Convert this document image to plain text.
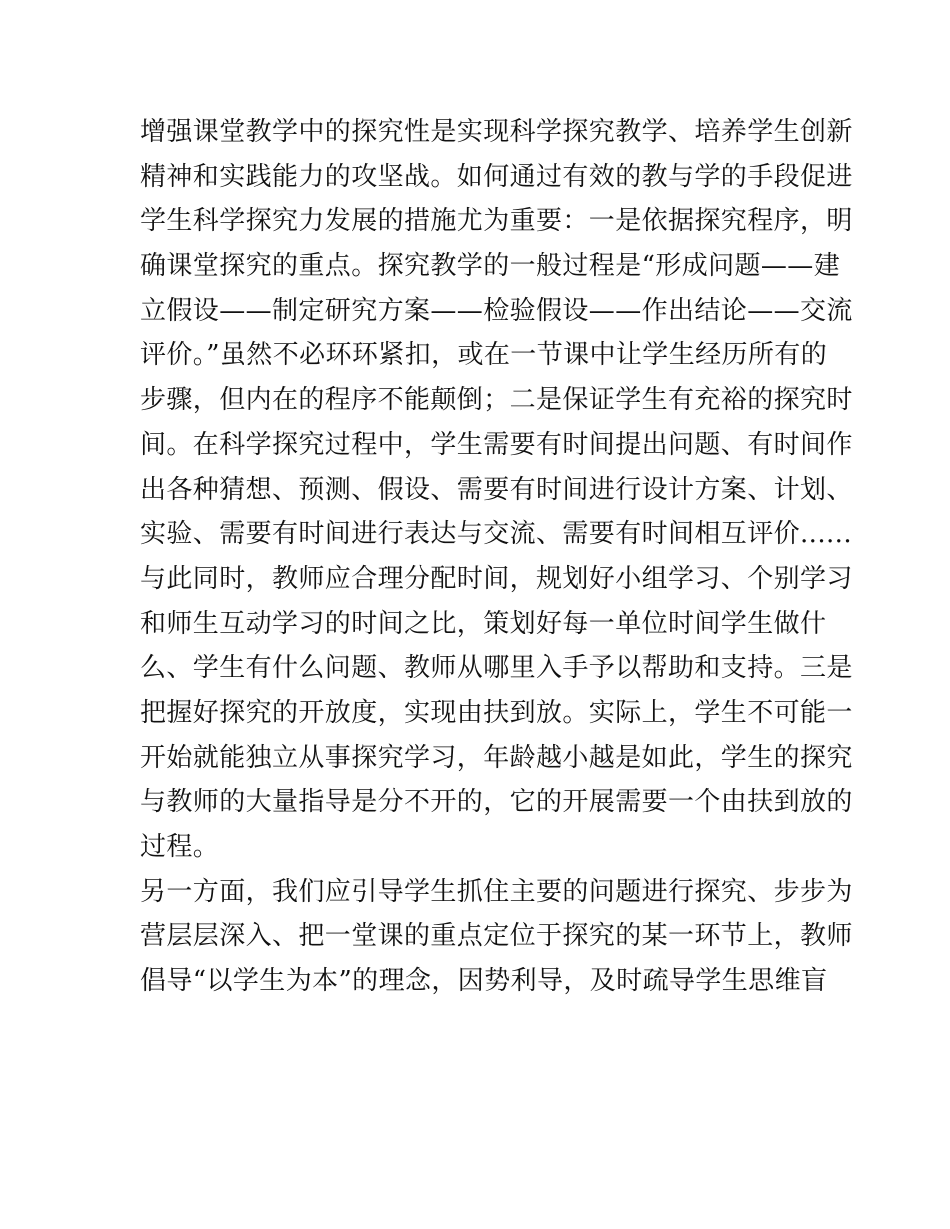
增强课堂教学中的探究性是实现科学探究教学、培养学生创新
精神和实践能力的攻坚战。如何通过有效的教与学的手段促进
学生科学探究力发展的措施尤为重要：一是依据探究程序，明
确课堂探究的重点。探究教学的一般过程是“形成问题——建
立假设——制定研究方案——检验假设——作出结论——交流
评价。”虽然不必环环紧扣，或在一节课中让学生经历所有的
步骤，但内在的程序不能颠倒；二是保证学生有充裕的探究时
间。在科学探究过程中，学生需要有时间提出问题、有时间作
出各种猜想、预测、假设、需要有时间进行设计方案、计划、
实验、需要有时间进行表达与交流、需要有时间相互评价......
与此同时，教师应合理分配时间，规划好小组学习、个别学习
和师生互动学习的时间之比，策划好每一单位时间学生做什
么、学生有什么问题、教师从哪里入手予以帮助和支持。三是
把握好探究的开放度，实现由扶到放。实际上，学生不可能一
开始就能独立从事探究学习，年龄越小越是如此，学生的探究
与教师的大量指导是分不开的，它的开展需要一个由扶到放的
过程。
另一方面，我们应引导学生抓住主要的问题进行探究、步步为
营层层深入、把一堂课的重点定位于探究的某一环节上，教师
倡导“以学生为本”的理念，因势利导，及时疏导学生思维盲
